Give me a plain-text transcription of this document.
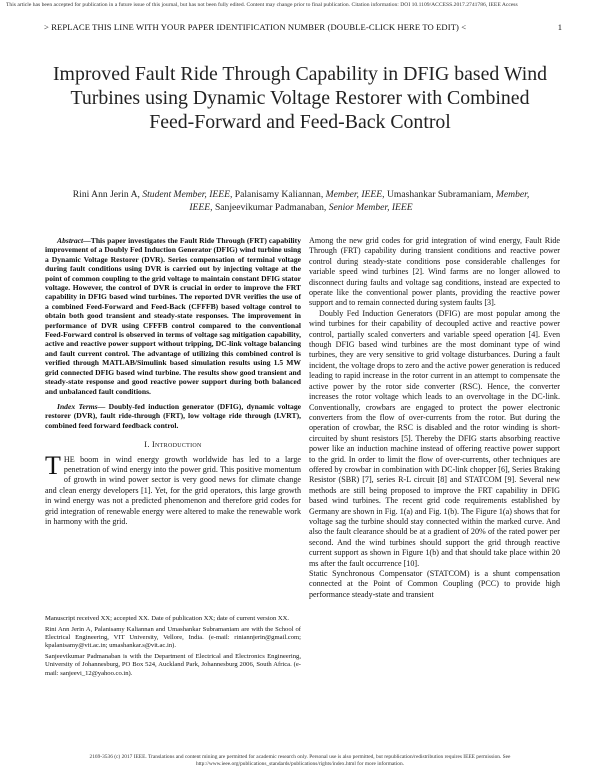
This article has been accepted for publication in a future issue of this journal, but has not been fully edited. Content may change prior to final publication. Citation information: DOI 10.1109/ACCESS.2017.2741786, IEEE Access
> REPLACE THIS LINE WITH YOUR PAPER IDENTIFICATION NUMBER (DOUBLE-CLICK HERE TO EDIT) <	1
Improved Fault Ride Through Capability in DFIG based Wind Turbines using Dynamic Voltage Restorer with Combined Feed-Forward and Feed-Back Control
Rini Ann Jerin A, Student Member, IEEE, Palanisamy Kaliannan, Member, IEEE, Umashankar Subramaniam, Member, IEEE, Sanjeevikumar Padmanaban, Senior Member, IEEE

Abstract—This paper investigates the Fault Ride Through (FRT) capability improvement of a Doubly Fed Induction Generator (DFIG) wind turbine using a Dynamic Voltage Restorer (DVR). Series compensation of terminal voltage during fault conditions using DVR is carried out by injecting voltage at the point of common coupling to the grid voltage to maintain constant DFIG stator voltage. However, the control of DVR is crucial in order to improve the FRT capability in DFIG based wind turbines. The reported DVR verifies the use of a combined Feed-Forward and Feed-Back (CFFFB) based voltage control to obtain both good transient and steady-state responses. The improvement in performance of DVR using CFFFB control compared to the conventional Feed-Forward control is observed in terms of voltage sag mitigation capability, active and reactive power support without tripping, DC-link voltage balancing and fault current control. The advantage of utilizing this combined control is verified through MATLAB/Simulink based simulation results using 1.5 MW grid connected DFIG based wind turbine. The results show good transient and steady-state response and good reactive power support during both balanced and unbalanced fault conditions.

Index Terms— Doubly-fed induction generator (DFIG), dynamic voltage restorer (DVR), fault ride-through (FRT), low voltage ride through (LVRT), combined feed forward feedback control.

I. Introduction

THE boom in wind energy growth worldwide has led to a large penetration of wind energy into the power grid. This positive momentum of growth in wind power sector is very good news for climate change and clean energy developers [1]. Yet, for the grid operators, this large growth in wind energy was not a predicted phenomenon and therefore grid codes for grid integration of renewable energy were altered to make the renewable work in harmony with the grid.

Manuscript received XX; accepted XX. Date of publication XX; date of current version XX.

Rini Ann Jerin A, Palanisamy Kaliannan and Umashankar Subramaniam are with the School of Electrical Engineering, VIT University, Vellore, India. (e-mail: riniannjerin@gmail.com; kpalanisamy@vit.ac.in; umashankar.s@vit.ac.in).

Sanjeevikumar Padmanaban is with the Department of Electrical and Electronics Engineering, University of Johannesburg, PO Box 524, Auckland Park, Johannesburg 2006, South Africa. (e-mail: sanjeevi_12@yahoo.co.in).

Among the new grid codes for grid integration of wind energy, Fault Ride Through (FRT) capability during transient conditions and reactive power control during steady-state conditions pose considerable challenges for variable speed wind turbines [2]. Wind farms are no longer allowed to disconnect during faults and voltage sag conditions, instead are expected to operate like the conventional power plants, providing the reactive power support and to remain connected during system faults [3].

Doubly Fed Induction Generators (DFIG) are most popular among the wind turbines for their capability of decoupled active and reactive power control, partially scaled converters and variable speed operation [4]. Even though DFIG based wind turbines are the most dominant type of wind turbines, they are very sensitive to grid voltage disturbances. During a fault incident, the voltage drops to zero and the active power generation is reduced leading to rapid increase in the rotor current in an attempt to compensate the active power by the rotor side converter (RSC). Hence, the converter increases the rotor voltage which leads to an overvoltage in the DC-link. Conventionally, crowbars are engaged to protect the power electronic converters from the flow of over-currents from the rotor. But during the operation of crowbar, the RSC is disabled and the rotor winding is short-circuited by shunt resistors [5]. Thereby the DFIG starts absorbing reactive power like an induction machine instead of offering reactive power support to the grid. In order to limit the flow of over-currents, other techniques are offered by crowbar in combination with DC-link chopper [6], Series Braking Resistor (SBR) [7], series R-L circuit [8] and STATCOM [9]. Several new methods are still being proposed to improve the FRT capability in DFIG based wind turbines. The recent grid code requirements established by Germany are shown in Fig. 1(a) and Fig. 1(b). The Figure 1(a) shows that for voltage sag the turbine should stay connected within the marked curve. And also the fault clearance should be at a gradient of 20% of the rated power per second. And the wind turbines should support the grid through reactive current support as shown in Figure 1(b) and that should take place within 20 ms after the fault occurrence [10].

Static Synchronous Compensator (STATCOM) is a shunt compensation connected at the Point of Common Coupling (PCC) to provide high performance steady-state and transient

2169-3536 (c) 2017 IEEE. Translations and content mining are permitted for academic research only. Personal use is also permitted, but republication/redistribution requires IEEE permission. See
http://www.ieee.org/publications_standards/publications/rights/index.html for more information.
